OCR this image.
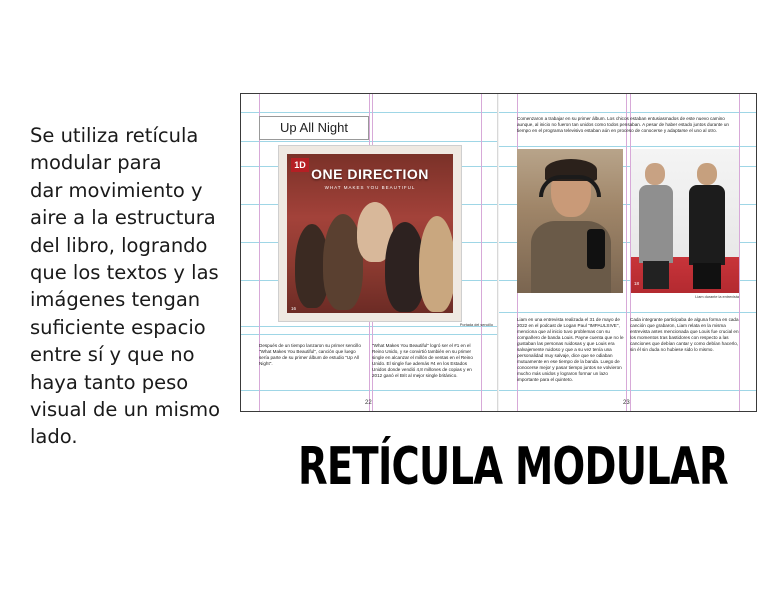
Se utiliza retícula
modular para
dar movimiento y
aire a la estructura
del libro, logrando
que los textos y las
imágenes tengan
suficiente espacio
entre sí y que no
haya tanto peso
visual de un mismo
lado.
RETÍCULA MODULAR
Up All Night
1D
ONE DIRECTION
WHAT MAKES YOU BEAUTIFUL
16
Portada del sencillo
Después de un tiempo lanzaron su primer sencillo "What Makes You Beautiful", canción que luego sería parte de su primer álbum de estudio "Up All Night".
"What Makes You Beautiful" logró ser el #1 en el Reino Unido, y se convirtió también en su primer single en alcanzar el millón de ventas en el Reino Unido. El single fue además #4 en los Estados Unidos donde vendió 4,8 millones de copias y en 2012 ganó el Brit al mejor single británico.
22
Comenzaron a trabajar en su primer álbum. Los chicos estaban entusiasmados de este nuevo camino aunque, al inicio no fueron tan unidos como todos pensaban. A pesar de haber estado juntos durante un tiempo en el programa televisivo estaban aún en proceso de conocerse y adaptarse el uno al otro.
18
Liam durante la entrevista
Liam en una entrevista realizada el 31 de mayo de 2022 en el podcast de Logan Paul "IMPAULSIVE", menciona que al inicio tuvo problemas con su compañero de banda Louis. Payne cuenta que no le gustaban las personas ruidosas y que Louis era salvajemente ruidoso y que a su vez tenía una personalidad muy salvaje, dice que se odiaban mutuamente en ese tiempo de la banda. Luego de conocerse mejor y pasar tiempo juntos se volvieron mucho más unidos y lograron formar un lazo importante para el quinteto.
Cada integrante participaba de alguna forma en cada canción que grabaron, Liam relata en la misma entrevista antes mencionada que Louis fue crucial en los momentos tras bastidores con respecto a las canciones que debían cantar y como debían hacerlo, sin él sin duda no hubiese sido lo mismo.
23
